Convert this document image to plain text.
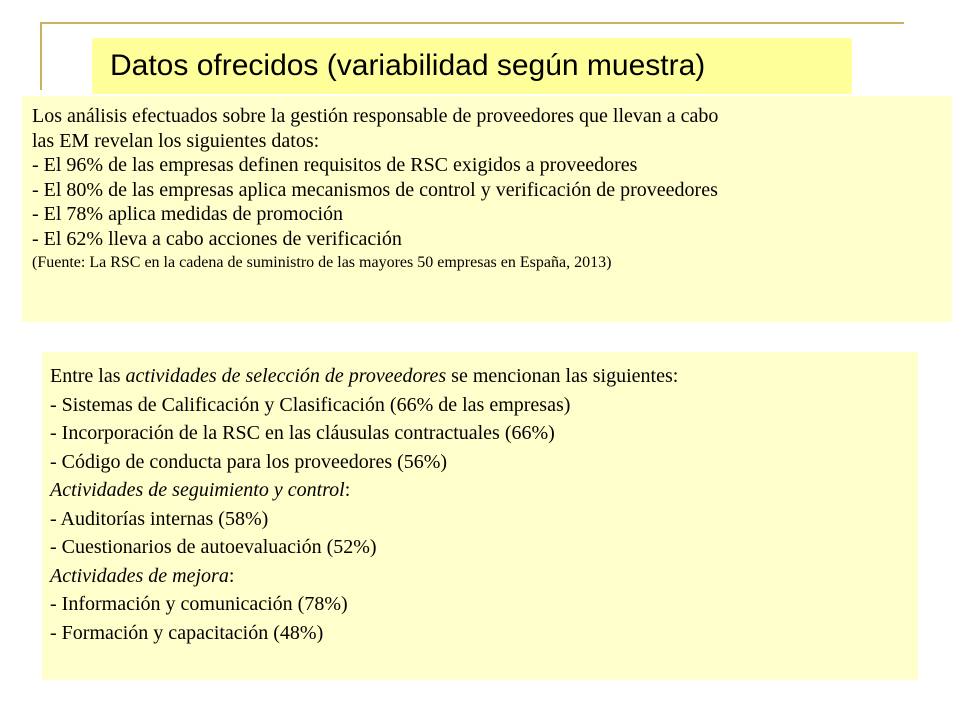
Datos ofrecidos (variabilidad según muestra)
Los análisis efectuados sobre la gestión responsable de proveedores que llevan a cabo
las EM revelan los siguientes datos:
- El 96% de las empresas definen requisitos de RSC exigidos a proveedores
- El 80% de las empresas aplica mecanismos de control y verificación de proveedores
- El 78% aplica medidas de promoción
- El 62% lleva a cabo acciones de verificación
(Fuente: La RSC en la cadena de suministro de las mayores 50 empresas en España, 2013)
Entre las actividades de selección de proveedores se mencionan las siguientes:
- Sistemas de Calificación y Clasificación (66% de las empresas)
- Incorporación de la RSC en las cláusulas contractuales (66%)
- Código de conducta para los proveedores (56%)
Actividades de seguimiento y control:
- Auditorías internas (58%)
- Cuestionarios de autoevaluación (52%)
Actividades de mejora:
- Información y comunicación (78%)
- Formación y capacitación (48%)
